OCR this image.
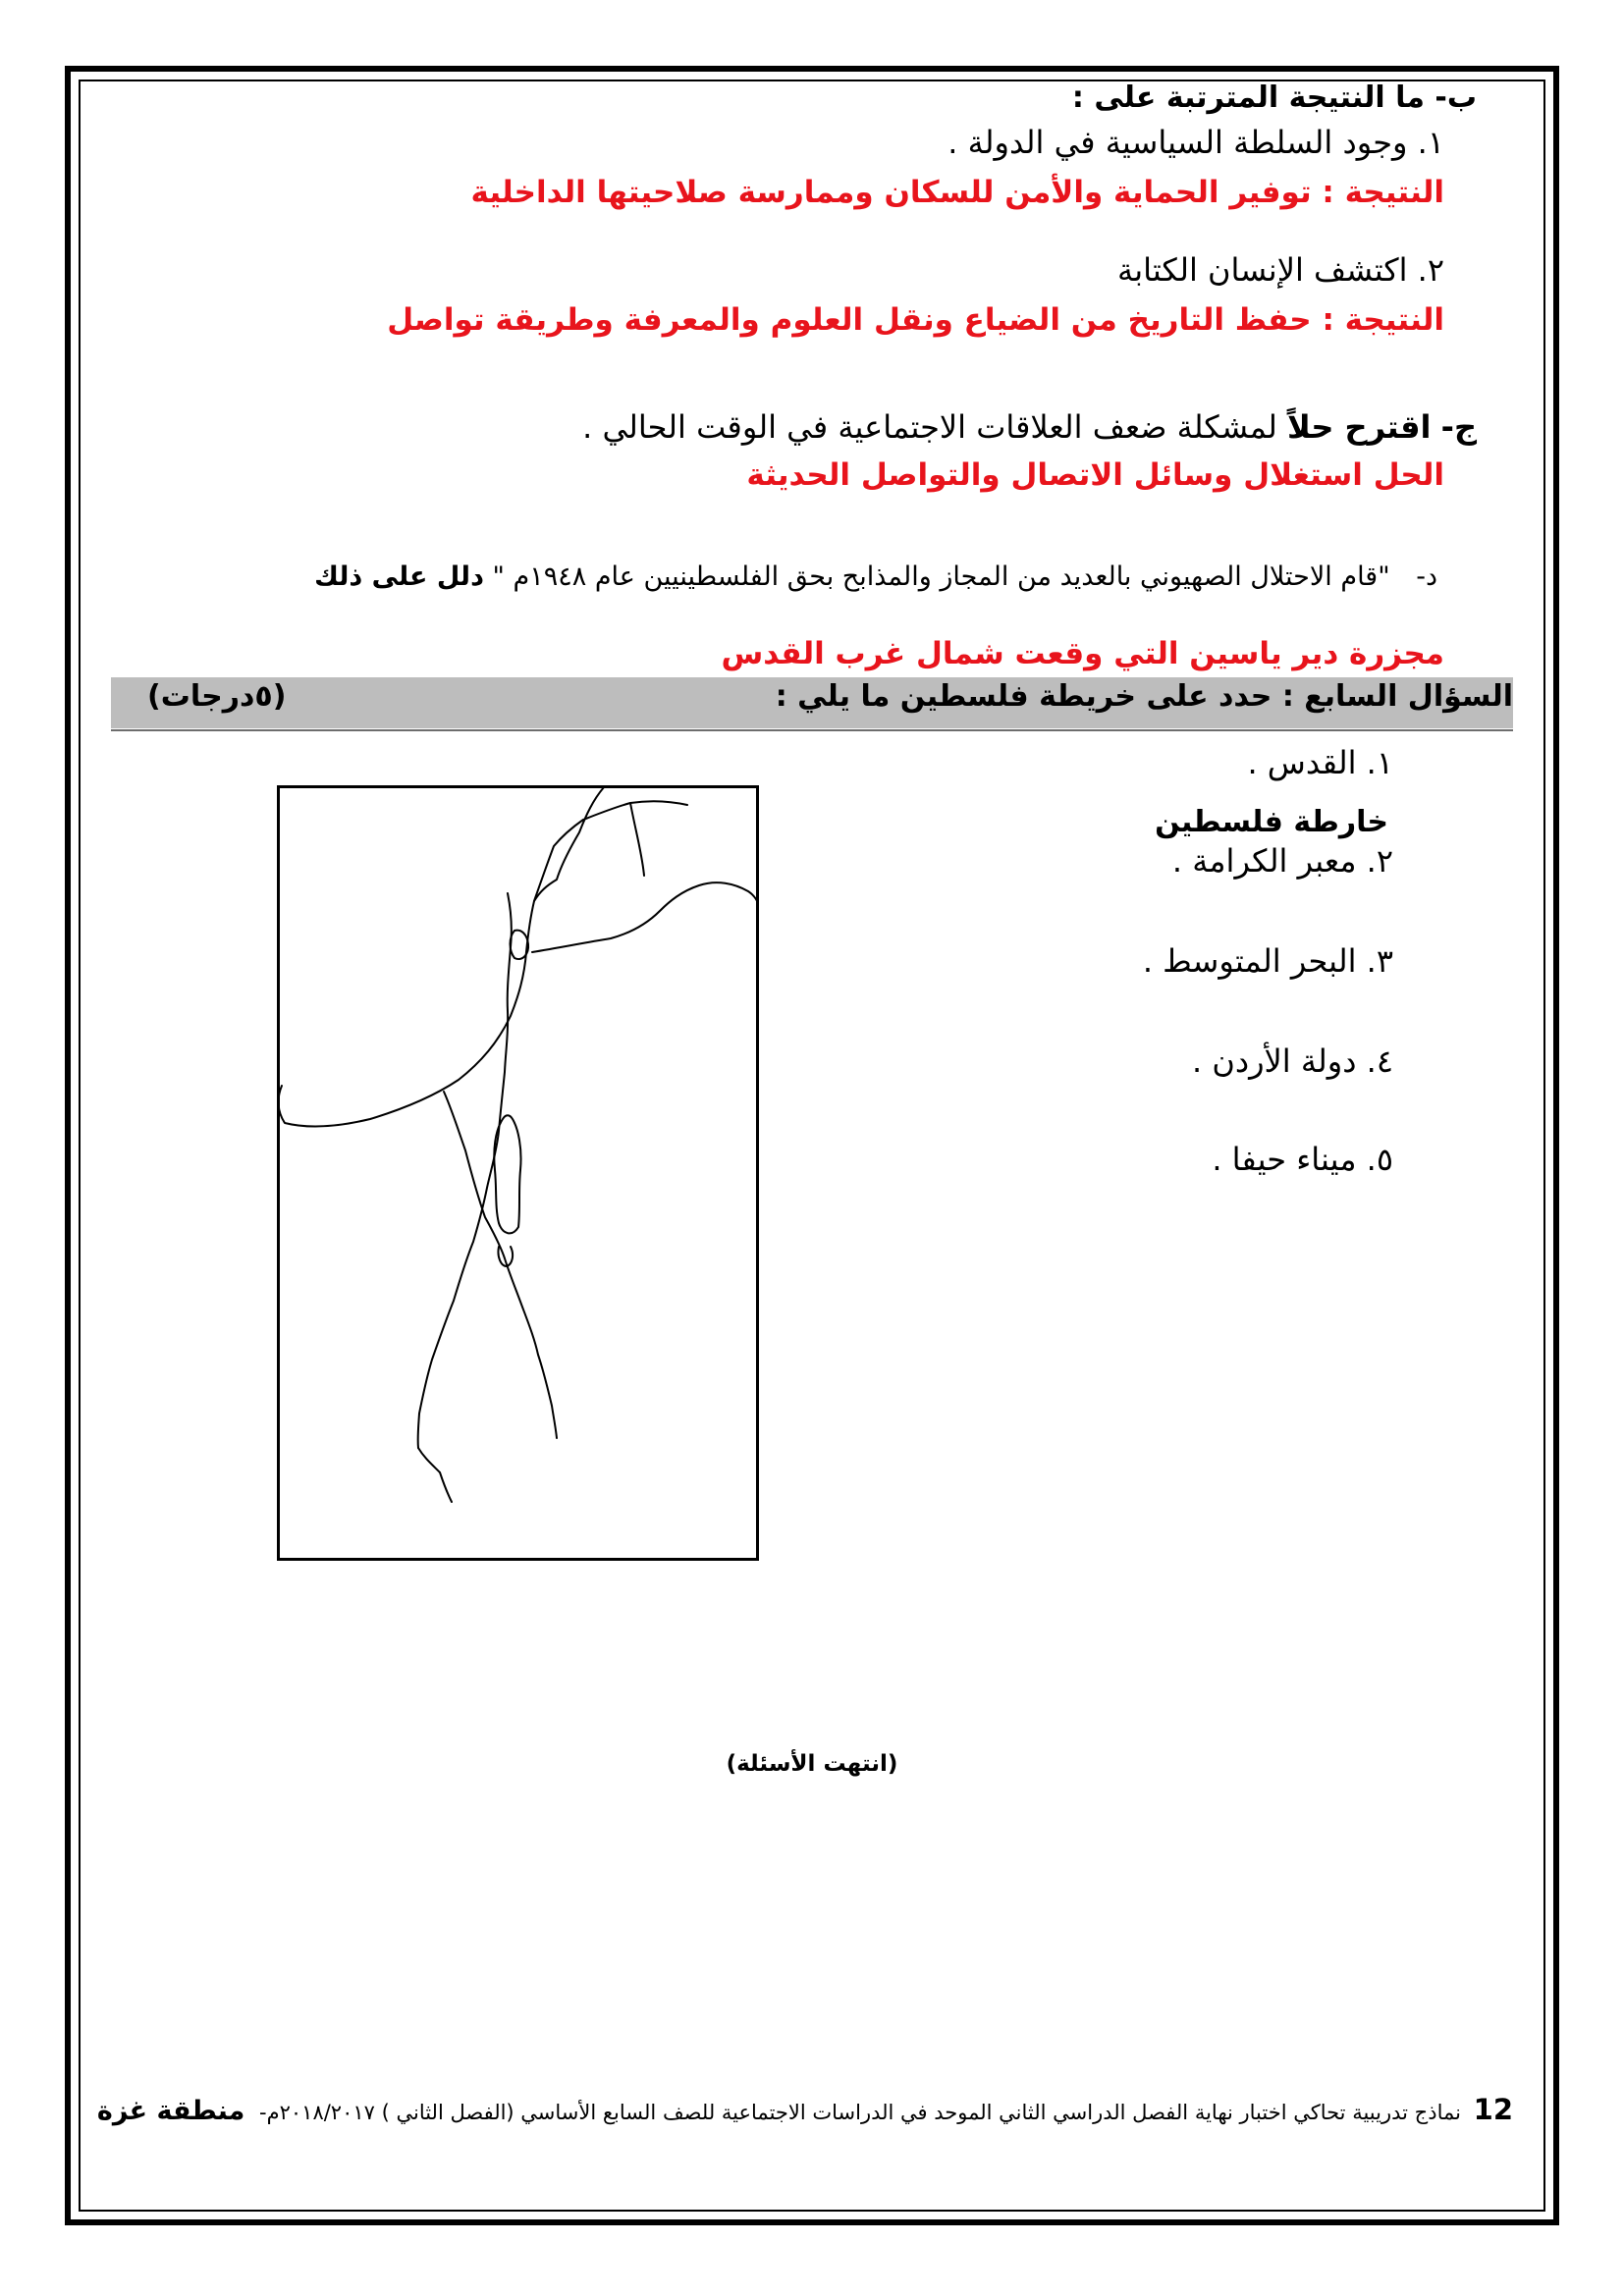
ب- ما النتيجة المترتبة على :
١. وجود السلطة السياسية في الدولة .
النتيجة : توفير الحماية والأمن للسكان وممارسة صلاحيتها الداخلية
٢. اكتشف الإنسان الكتابة
النتيجة : حفظ التاريخ من الضياع ونقل العلوم والمعرفة وطريقة تواصل
ج- اقترح حلاً لمشكلة ضعف العلاقات الاجتماعية في الوقت الحالي .
الحل استغلال وسائل الاتصال والتواصل الحديثة
د- "قام الاحتلال الصهيوني بالعديد من المجاز والمذابح بحق الفلسطينيين عام ١٩٤٨م " دلل على ذلك
مجزرة دير ياسين التي وقعت شمال غرب القدس
السؤال السابع : حدد على خريطة فلسطين ما يلي :
(٥درجات)
١. القدس .
٢. معبر الكرامة .
٣. البحر المتوسط .
٤. دولة الأردن .
٥. ميناء حيفا .
خارطة فلسطين
(انتهت الأسئلة)
12 نماذج تدريبية تحاكي اختبار نهاية الفصل الدراسي الثاني الموحد في الدراسات الاجتماعية للصف السابع الأساسي (الفصل الثاني ) ٢٠١٨/٢٠١٧م- منطقة غزة
